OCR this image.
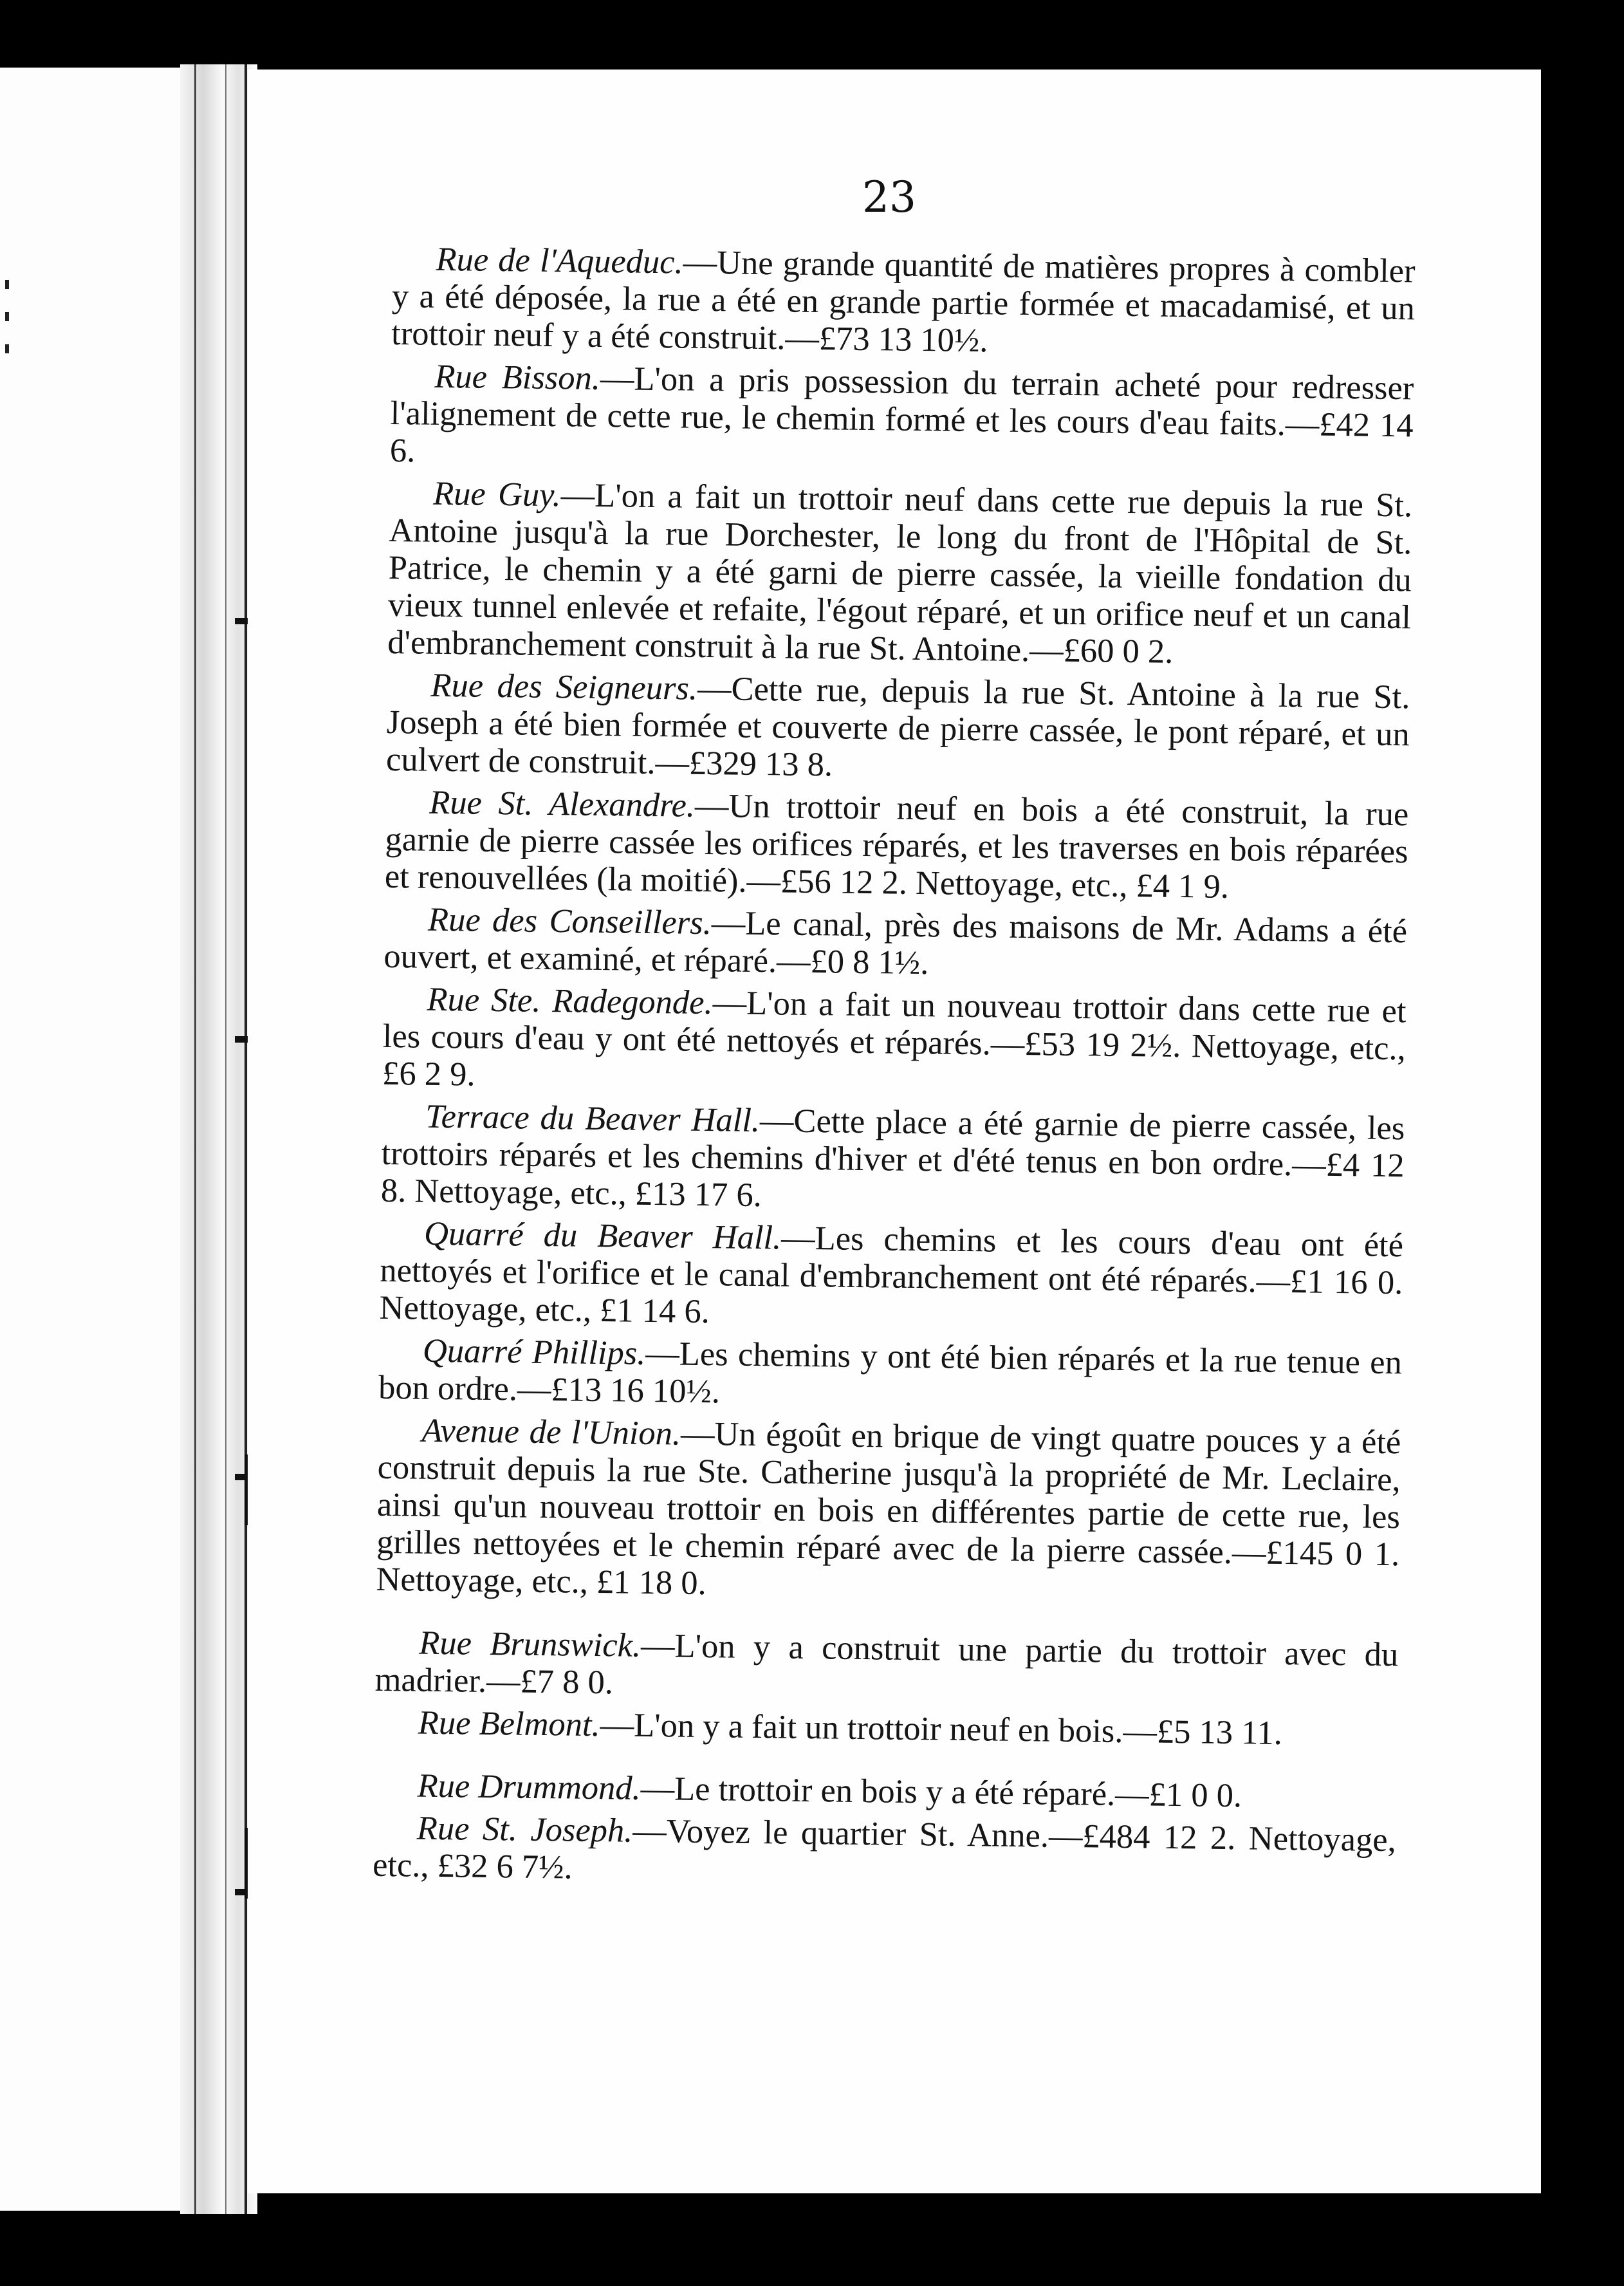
23

Rue de l'Aqueduc.—Une grande quantité de matières propres à combler y a été déposée, la rue a été en grande partie formée et macadamisé, et un trottoir neuf y a été construit.—£73 13 10½.

Rue Bisson.—L'on a pris possession du terrain acheté pour redresser l'alignement de cette rue, le chemin formé et les cours d'eau faits.—£42 14 6.

Rue Guy.—L'on a fait un trottoir neuf dans cette rue depuis la rue St. Antoine jusqu'à la rue Dorchester, le long du front de l'Hôpital de St. Patrice, le chemin y a été garni de pierre cassée, la vieille fondation du vieux tunnel enlevée et refaite, l'égout réparé, et un orifice neuf et un canal d'embranchement construit à la rue St. Antoine.—£60 0 2.

Rue des Seigneurs.—Cette rue, depuis la rue St. Antoine à la rue St. Joseph a été bien formée et couverte de pierre cassée, le pont réparé, et un culvert de construit.—£329 13 8.

Rue St. Alexandre.—Un trottoir neuf en bois a été construit, la rue garnie de pierre cassée les orifices réparés, et les traverses en bois réparées et renouvellées (la moitié).—£56 12 2. Nettoyage, etc., £4 1 9.

Rue des Conseillers.—Le canal, près des maisons de Mr. Adams a été ouvert, et examiné, et réparé.—£0 8 1½.

Rue Ste. Radegonde.—L'on a fait un nouveau trottoir dans cette rue et les cours d'eau y ont été nettoyés et réparés.—£53 19 2½. Nettoyage, etc., £6 2 9.

Terrace du Beaver Hall.—Cette place a été garnie de pierre cassée, les trottoirs réparés et les chemins d'hiver et d'été tenus en bon ordre.—£4 12 8. Nettoyage, etc., £13 17 6.

Quarré du Beaver Hall.—Les chemins et les cours d'eau ont été nettoyés et l'orifice et le canal d'embranchement ont été réparés.—£1 16 0. Nettoyage, etc., £1 14 6.

Quarré Phillips.—Les chemins y ont été bien réparés et la rue tenue en bon ordre.—£13 16 10½.

Avenue de l'Union.—Un égoût en brique de vingt quatre pouces y a été construit depuis la rue Ste. Catherine jusqu'à la propriété de Mr. Leclaire, ainsi qu'un nouveau trottoir en bois en différentes partie de cette rue, les grilles nettoyées et le chemin réparé avec de la pierre cassée.—£145 0 1. Nettoyage, etc., £1 18 0.

Rue Brunswick.—L'on y a construit une partie du trottoir avec du madrier.—£7 8 0.

Rue Belmont.—L'on y a fait un trottoir neuf en bois.—£5 13 11.

Rue Drummond.—Le trottoir en bois y a été réparé.—£1 0 0.

Rue St. Joseph.—Voyez le quartier St. Anne.—£484 12 2. Nettoyage, etc., £32 6 7½.
